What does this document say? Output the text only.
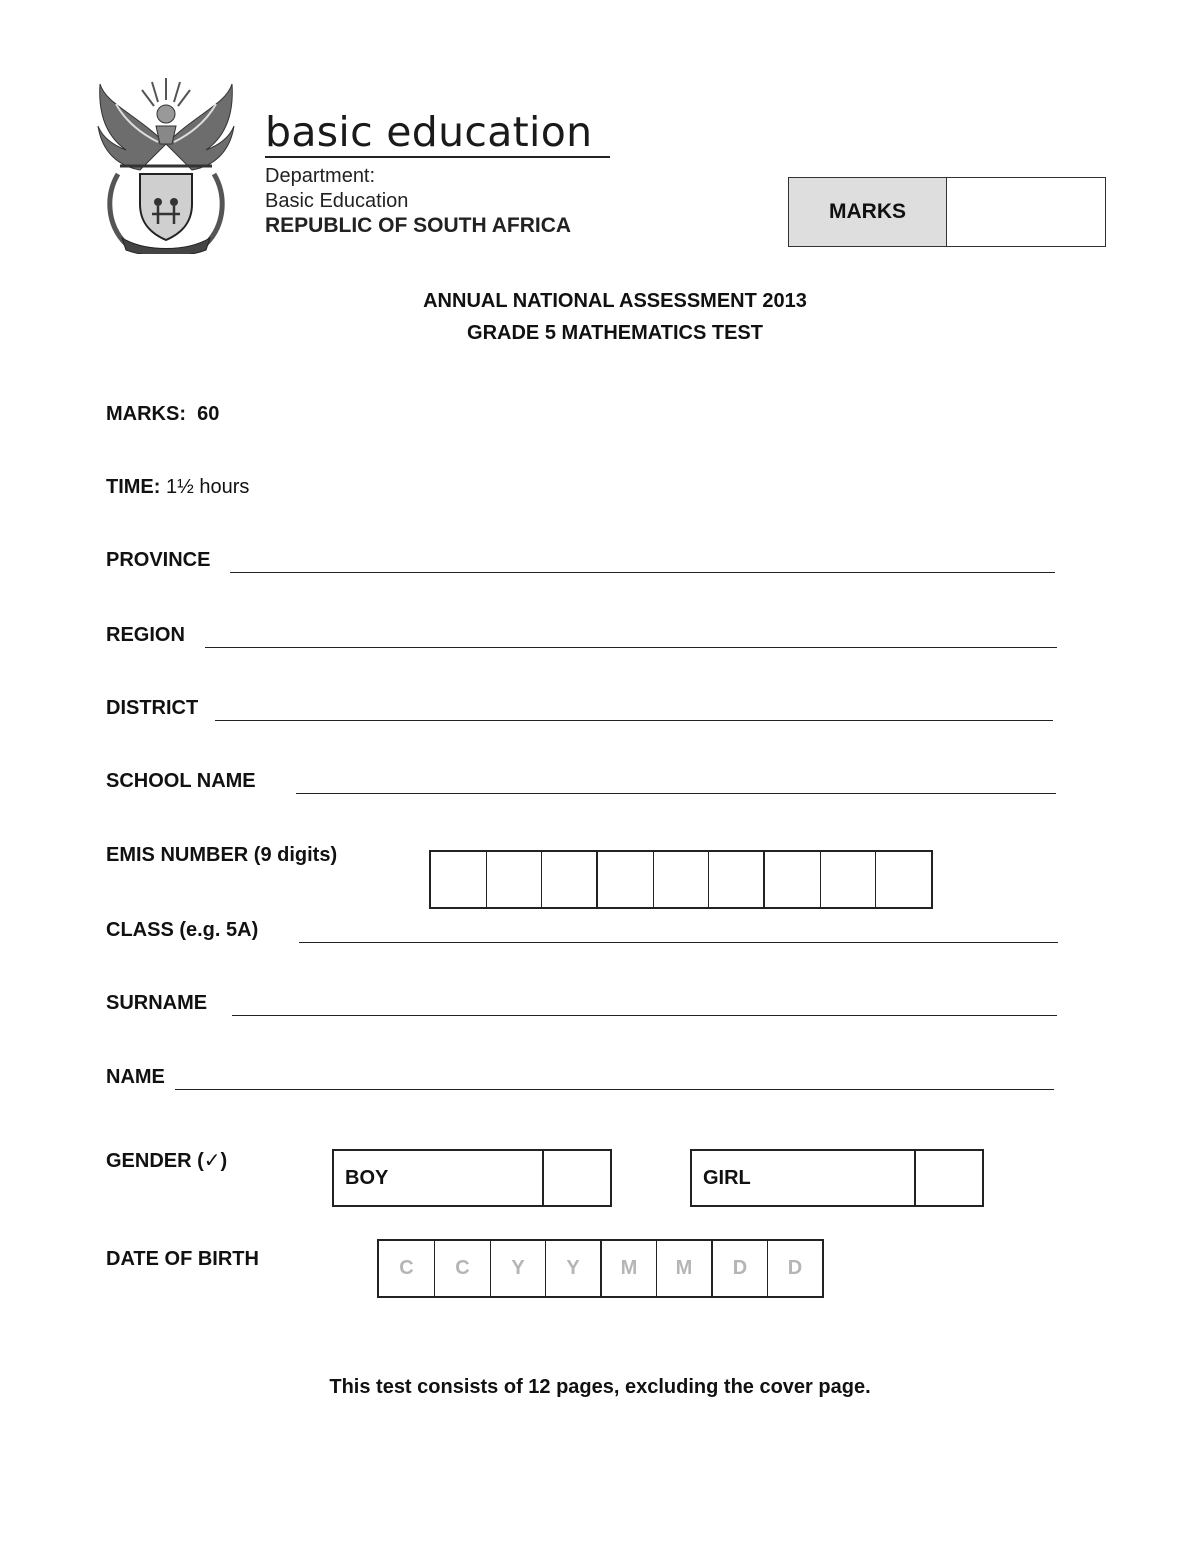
basic education
Department:
Basic Education
REPUBLIC OF SOUTH AFRICA
MARKS
ANNUAL NATIONAL ASSESSMENT 2013
GRADE 5 MATHEMATICS TEST
MARKS: 60
TIME: 1½ hours
PROVINCE
REGION
DISTRICT
SCHOOL NAME
EMIS NUMBER (9 digits)
CLASS (e.g. 5A)
SURNAME
NAME
GENDER (✓)
BOY	GIRL
DATE OF BIRTH	C	C	Y	Y	M	M	D	D
This test consists of 12 pages, excluding the cover page.
